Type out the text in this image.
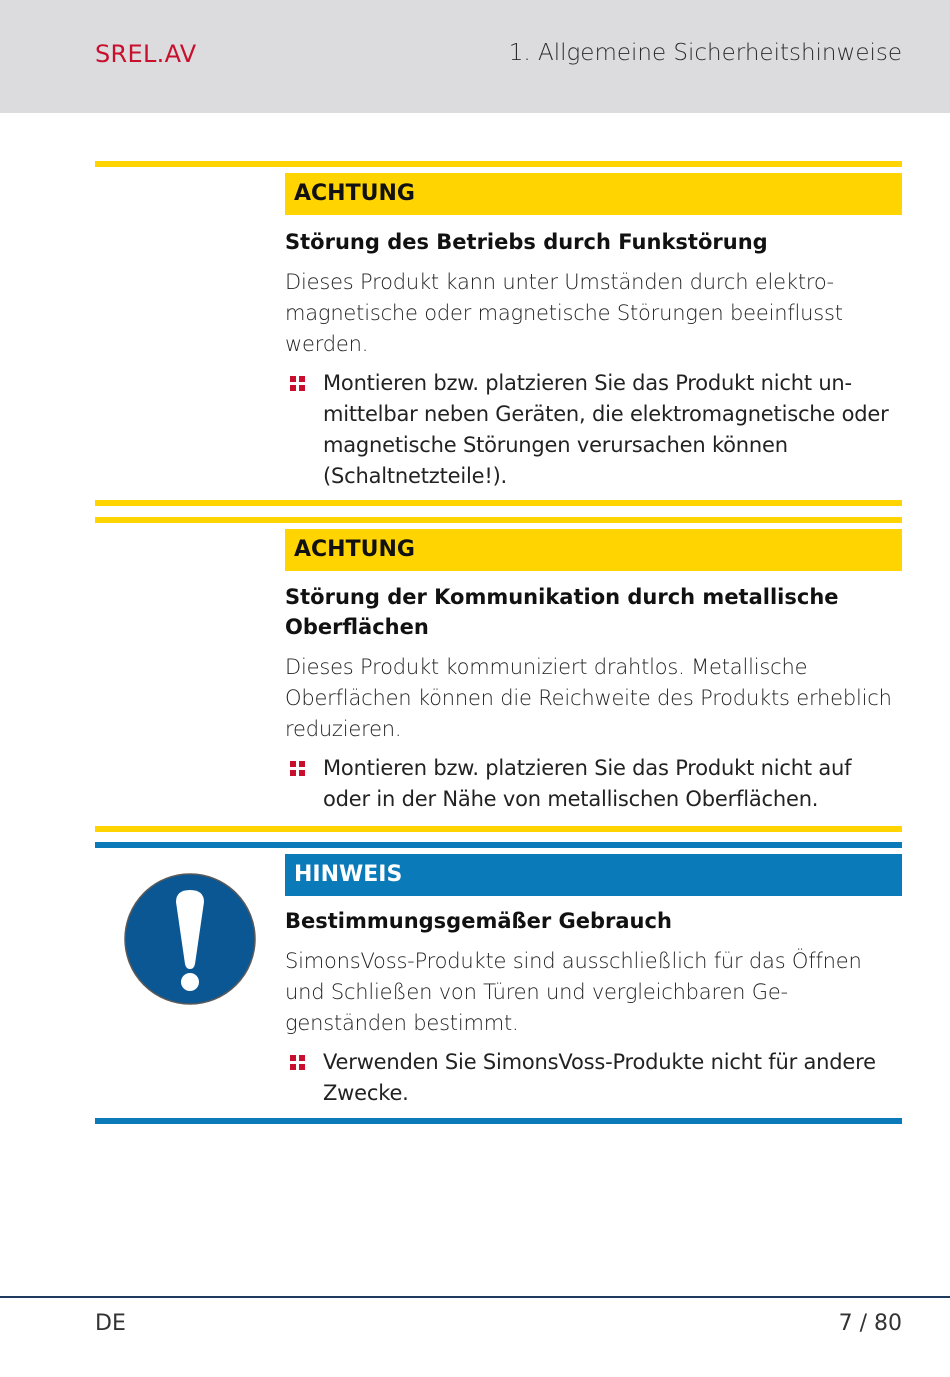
SREL.AV	1. Allgemeine Sicherheitshinweise
ACHTUNG

Störung des Betriebs durch Funkstörung

Dieses Produkt kann unter Umständen durch elektromagnetische oder magnetische Störungen beeinflusst werden.

Montieren bzw. platzieren Sie das Produkt nicht unmittelbar neben Geräten, die elektromagnetische oder magnetische Störungen verursachen können (Schaltnetzteile!).
ACHTUNG

Störung der Kommunikation durch metallische Oberflächen

Dieses Produkt kommuniziert drahtlos. Metallische Oberflächen können die Reichweite des Produkts erheblich reduzieren.

Montieren bzw. platzieren Sie das Produkt nicht auf oder in der Nähe von metallischen Oberflächen.
HINWEIS

Bestimmungsgemäßer Gebrauch

SimonsVoss-Produkte sind ausschließlich für das Öffnen und Schließen von Türen und vergleichbaren Gegenständen bestimmt.

Verwenden Sie SimonsVoss-Produkte nicht für andere Zwecke.
DE	7 / 80
